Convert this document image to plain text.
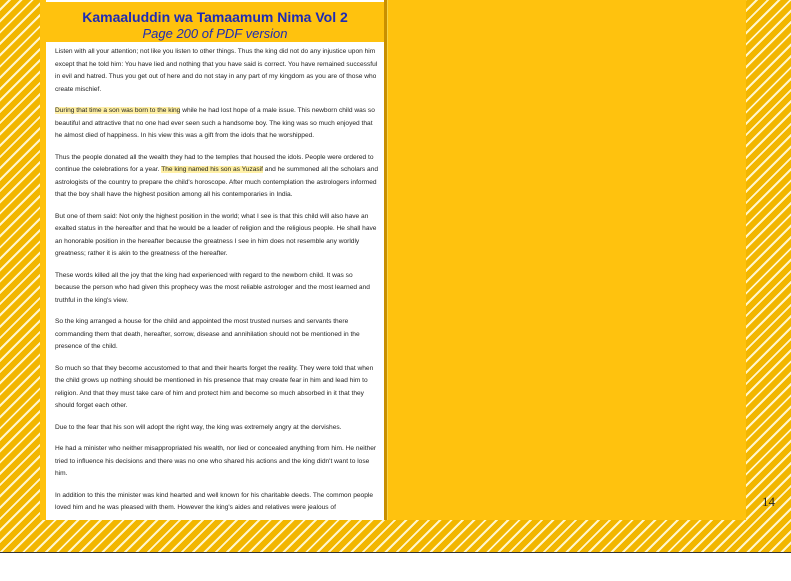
Kamaaluddin wa Tamaamum Nima Vol 2
Page 200 of PDF version

Listen with all your attention; not like you listen to other things. Thus the king did not do any injustice upon him except that he told him: You have lied and nothing that you have said is correct. You have remained successful in evil and hatred. Thus you get out of here and do not stay in any part of my kingdom as you are of those who create mischief.

During that time a son was born to the king while he had lost hope of a male issue. This newborn child was so beautiful and attractive that no one had ever seen such a handsome boy. The king was so much enjoyed that he almost died of happiness. In his view this was a gift from the idols that he worshipped.

Thus the people donated all the wealth they had to the temples that housed the idols. People were ordered to continue the celebrations for a year. The king named his son as Yuzasif and he summoned all the scholars and astrologists of the country to prepare the child's horoscope. After much contemplation the astrologers informed that the boy shall have the highest position among all his contemporaries in India.

But one of them said: Not only the highest position in the world; what I see is that this child will also have an exalted status in the hereafter and that he would be a leader of religion and the religious people. He shall have an honorable position in the hereafter because the greatness I see in him does not resemble any worldly greatness; rather it is akin to the greatness of the hereafter.

These words killed all the joy that the king had experienced with regard to the newborn child. It was so because the person who had given this prophecy was the most reliable astrologer and the most learned and truthful in the king's view.

So the king arranged a house for the child and appointed the most trusted nurses and servants there commanding them that death, hereafter, sorrow, disease and annihilation should not be mentioned in the presence of the child.

So much so that they become accustomed to that and their hearts forget the reality. They were told that when the child grows up nothing should be mentioned in his presence that may create fear in him and lead him to religion. And that they must take care of him and protect him and become so much absorbed in it that they should forget each other.

Due to the fear that his son will adopt the right way, the king was extremely angry at the dervishes.

He had a minister who neither misappropriated his wealth, nor lied or concealed anything from him. He neither tried to influence his decisions and there was no one who shared his actions and the king didn't want to lose him.

In addition to this the minister was kind hearted and well known for his charitable deeds. The common people loved him and he was pleased with them. However the king's aides and relatives were jealous of	14
